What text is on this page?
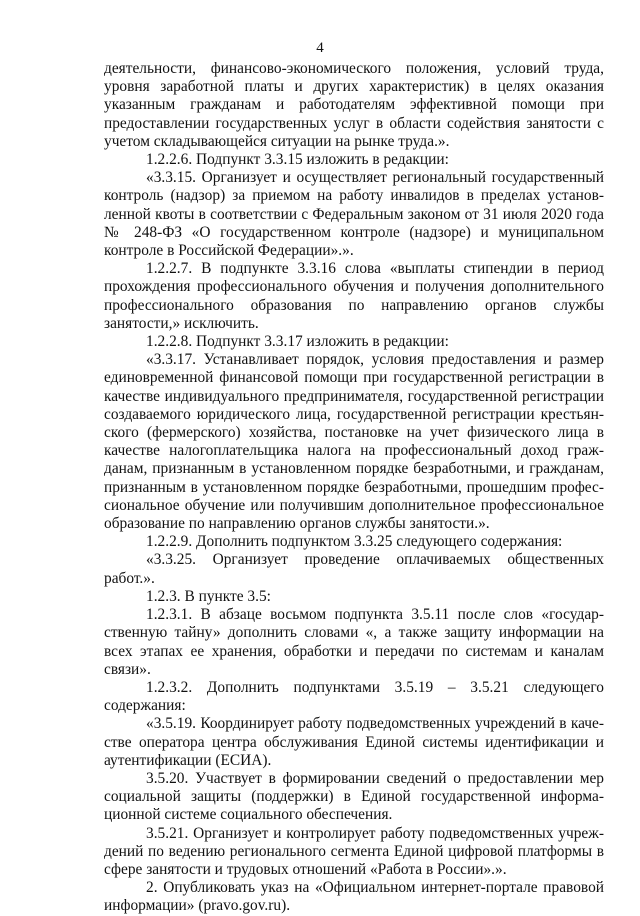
4

деятельности, финансово-экономического положения, условий труда, уровня заработной платы и других характеристик) в целях оказания указанным гражданам и работодателям эффективной помощи при предоставлении государственных услуг в области содействия занятости с учетом складывающейся ситуации на рынке труда.».

1.2.2.6. Подпункт 3.3.15 изложить в редакции:

«3.3.15. Организует и осуществляет региональный государственный контроль (надзор) за приемом на работу инвалидов в пределах установленной квоты в соответствии с Федеральным законом от 31 июля 2020 года № 248-ФЗ «О государственном контроле (надзоре) и муниципальном контроле в Российской Федерации».».

1.2.2.7. В подпункте 3.3.16 слова «выплаты стипендии в период прохождения профессионального обучения и получения дополнительного профессионального образования по направлению органов службы занятости,» исключить.

1.2.2.8. Подпункт 3.3.17 изложить в редакции:

«3.3.17. Устанавливает порядок, условия предоставления и размер единовременной финансовой помощи при государственной регистрации в качестве индивидуального предпринимателя, государственной регистрации создаваемого юридического лица, государственной регистрации крестьянского (фермерского) хозяйства, постановке на учет физического лица в качестве налогоплательщика налога на профессиональный доход гражданам, признанным в установленном порядке безработными, и гражданам, признанным в установленном порядке безработными, прошедшим профессиональное обучение или получившим дополнительное профессиональное образование по направлению органов службы занятости.».

1.2.2.9. Дополнить подпунктом 3.3.25 следующего содержания:

«3.3.25. Организует проведение оплачиваемых общественных работ.».

1.2.3. В пункте 3.5:

1.2.3.1. В абзаце восьмом подпункта 3.5.11 после слов «государственную тайну» дополнить словами «, а также защиту информации на всех этапах ее хранения, обработки и передачи по системам и каналам связи».

1.2.3.2. Дополнить подпунктами 3.5.19 – 3.5.21 следующего содержания:

«3.5.19. Координирует работу подведомственных учреждений в качестве оператора центра обслуживания Единой системы идентификации и аутентификации (ЕСИА).

3.5.20. Участвует в формировании сведений о предоставлении мер социальной защиты (поддержки) в Единой государственной информационной системе социального обеспечения.

3.5.21. Организует и контролирует работу подведомственных учреждений по ведению регионального сегмента Единой цифровой платформы в сфере занятости и трудовых отношений «Работа в России».».

2. Опубликовать указ на «Официальном интернет-портале правовой информации» (pravo.gov.ru).
